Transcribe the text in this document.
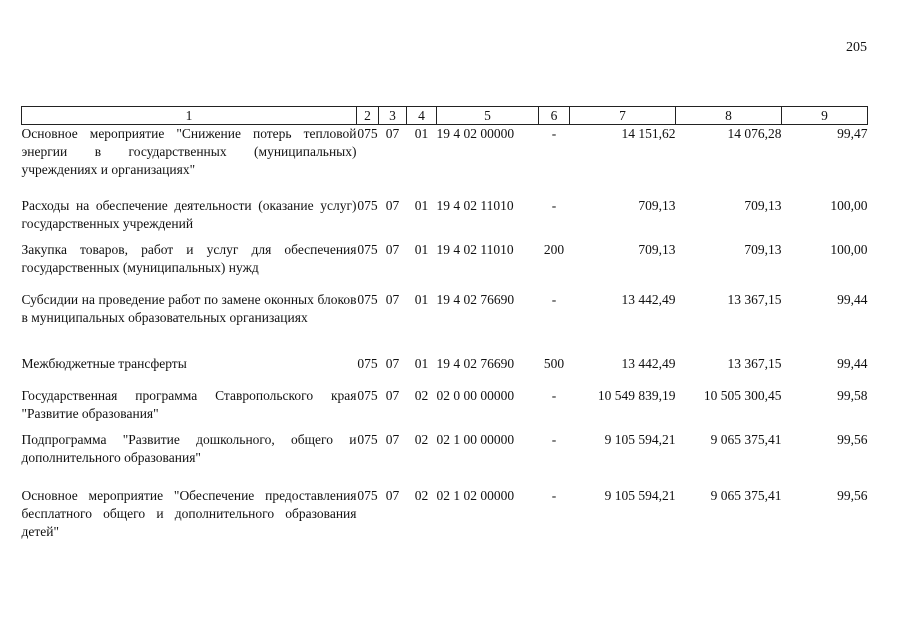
205
1	2	3	4	5	6	7	8	9
Основное мероприятие "Снижение потерь тепловой энергии в государственных (муниципальных) учреждениях и организациях"	075	07	01	19 4 02 00000	-	14 151,62	14 076,28	99,47
Расходы на обеспечение деятельности (оказание услуг) государственных учреждений	075	07	01	19 4 02 11010	-	709,13	709,13	100,00
Закупка товаров, работ и услуг для обеспечения государственных (муниципальных) нужд	075	07	01	19 4 02 11010	200	709,13	709,13	100,00
Субсидии на проведение работ по замене оконных блоков в муниципальных образовательных организациях	075	07	01	19 4 02 76690	-	13 442,49	13 367,15	99,44
Межбюджетные трансферты	075	07	01	19 4 02 76690	500	13 442,49	13 367,15	99,44
Государственная программа Ставропольского края "Развитие образования"	075	07	02	02 0 00 00000	-	10 549 839,19	10 505 300,45	99,58
Подпрограмма "Развитие дошкольного, общего и дополнительного образования"	075	07	02	02 1 00 00000	-	9 105 594,21	9 065 375,41	99,56
Основное мероприятие "Обеспечение предоставления бесплатного общего и дополнительного образования детей"	075	07	02	02 1 02 00000	-	9 105 594,21	9 065 375,41	99,56
